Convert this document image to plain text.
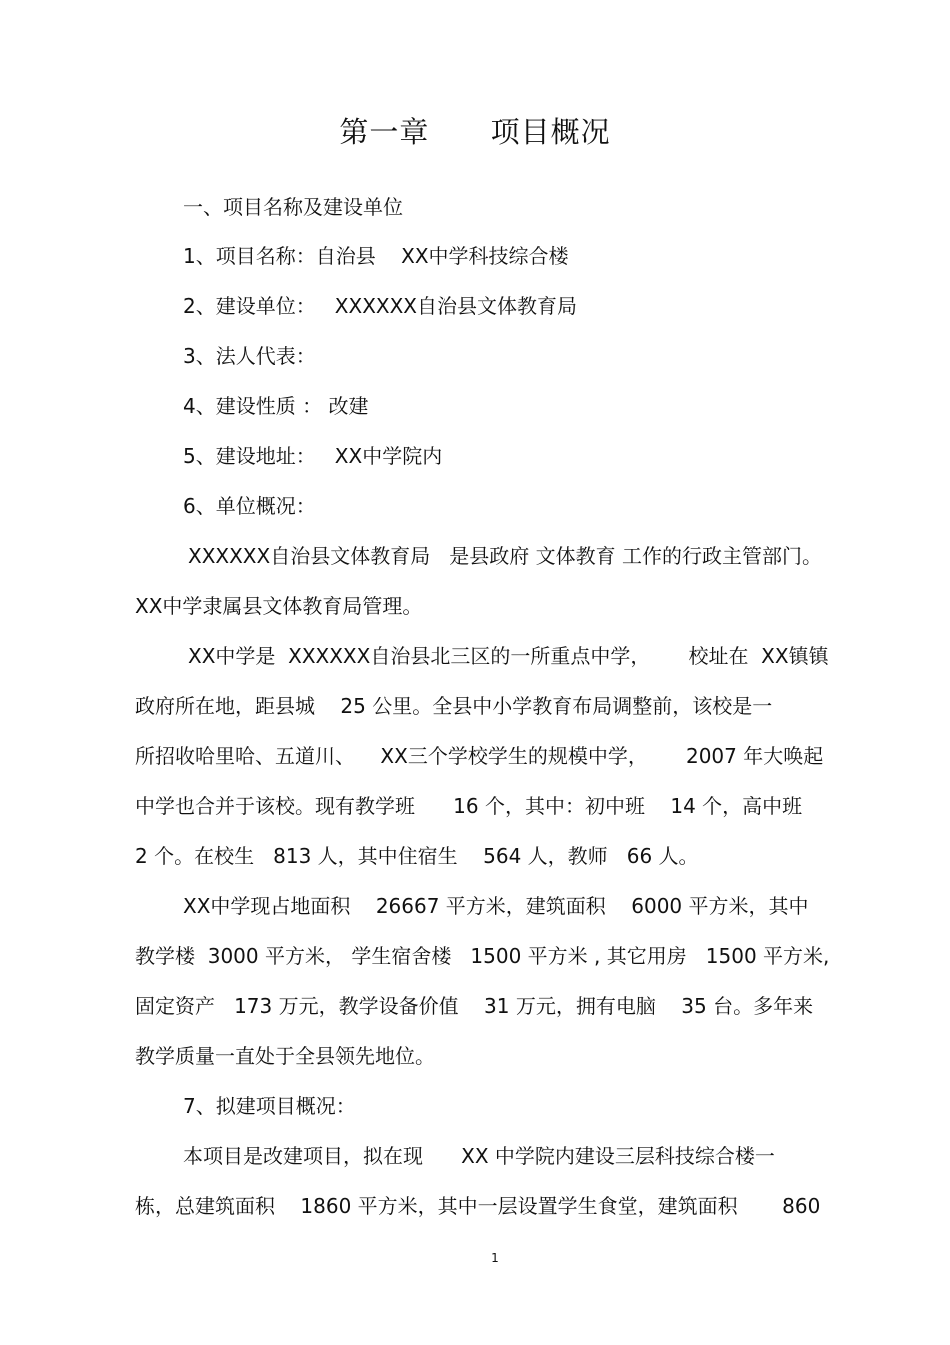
第一章      项目概况
一、项目名称及建设单位
1、项目名称：自治县    XX中学科技综合楼
2、建设单位：   XXXXXX自治县文体教育局
3、法人代表：
4、建设性质 ： 改建
5、建设地址：   XX中学院内
6、单位概况：
XXXXXX自治县文体教育局   是县政府 文体教育 工作的行政主管部门。
XX中学隶属县文体教育局管理。
XX中学是  XXXXXX自治县北三区的一所重点中学，      校址在  XX镇镇
政府所在地，距县城    25 公里。全县中小学教育布局调整前，该校是一
所招收哈里哈、五道川、    XX三个学校学生的规模中学，      2007 年大唤起
中学也合并于该校。现有教学班      16 个，其中：初中班    14 个，高中班
2 个。在校生   813 人，其中住宿生    564 人，教师   66 人。
XX中学现占地面积    26667 平方米，建筑面积    6000 平方米，其中
教学楼  3000 平方米， 学生宿舍楼   1500 平方米 , 其它用房   1500 平方米,
固定资产   173 万元，教学设备价值    31 万元，拥有电脑    35 台。多年来
教学质量一直处于全县领先地位。
7、拟建项目概况：
本项目是改建项目，拟在现      XX 中学院内建设三层科技综合楼一
栋，总建筑面积    1860 平方米，其中一层设置学生食堂，建筑面积       860
1
